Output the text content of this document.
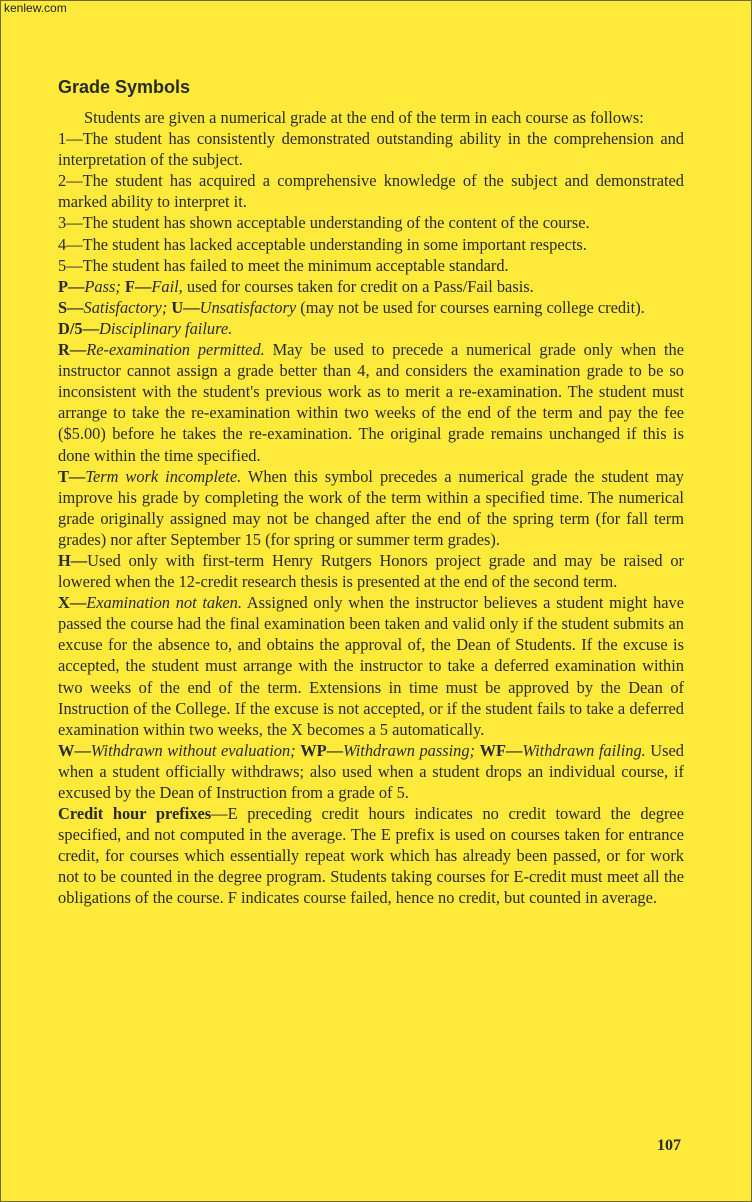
kenlew.com
Grade Symbols

Students are given a numerical grade at the end of the term in each course as follows:

1—The student has consistently demonstrated outstanding ability in the comprehension and interpretation of the subject.

2—The student has acquired a comprehensive knowledge of the subject and demonstrated marked ability to interpret it.

3—The student has shown acceptable understanding of the content of the course.

4—The student has lacked acceptable understanding in some important respects.

5—The student has failed to meet the minimum acceptable standard.

P—Pass; F—Fail, used for courses taken for credit on a Pass/Fail basis.

S—Satisfactory; U—Unsatisfactory (may not be used for courses earning college credit).

D/5—Disciplinary failure.

R—Re-examination permitted. May be used to precede a numerical grade only when the instructor cannot assign a grade better than 4, and considers the examination grade to be so inconsistent with the student's previous work as to merit a re-examination. The student must arrange to take the re-examination within two weeks of the end of the term and pay the fee ($5.00) before he takes the re-examination. The original grade remains unchanged if this is done within the time specified.

T—Term work incomplete. When this symbol precedes a numerical grade the student may improve his grade by completing the work of the term within a specified time. The numerical grade originally assigned may not be changed after the end of the spring term (for fall term grades) nor after September 15 (for spring or summer term grades).

H—Used only with first-term Henry Rutgers Honors project grade and may be raised or lowered when the 12-credit research thesis is presented at the end of the second term.

X—Examination not taken. Assigned only when the instructor believes a student might have passed the course had the final examination been taken and valid only if the student submits an excuse for the absence to, and obtains the approval of, the Dean of Students. If the excuse is accepted, the student must arrange with the instructor to take a deferred examination within two weeks of the end of the term. Extensions in time must be approved by the Dean of Instruction of the College. If the excuse is not accepted, or if the student fails to take a deferred examination within two weeks, the X becomes a 5 automatically.

W—Withdrawn without evaluation; WP—Withdrawn passing; WF—Withdrawn failing. Used when a student officially withdraws; also used when a student drops an individual course, if excused by the Dean of Instruction from a grade of 5.

Credit hour prefixes—E preceding credit hours indicates no credit toward the degree specified, and not computed in the average. The E prefix is used on courses taken for entrance credit, for courses which essentially repeat work which has already been passed, or for work not to be counted in the degree program. Students taking courses for E-credit must meet all the obligations of the course. F indicates course failed, hence no credit, but counted in average.

107
